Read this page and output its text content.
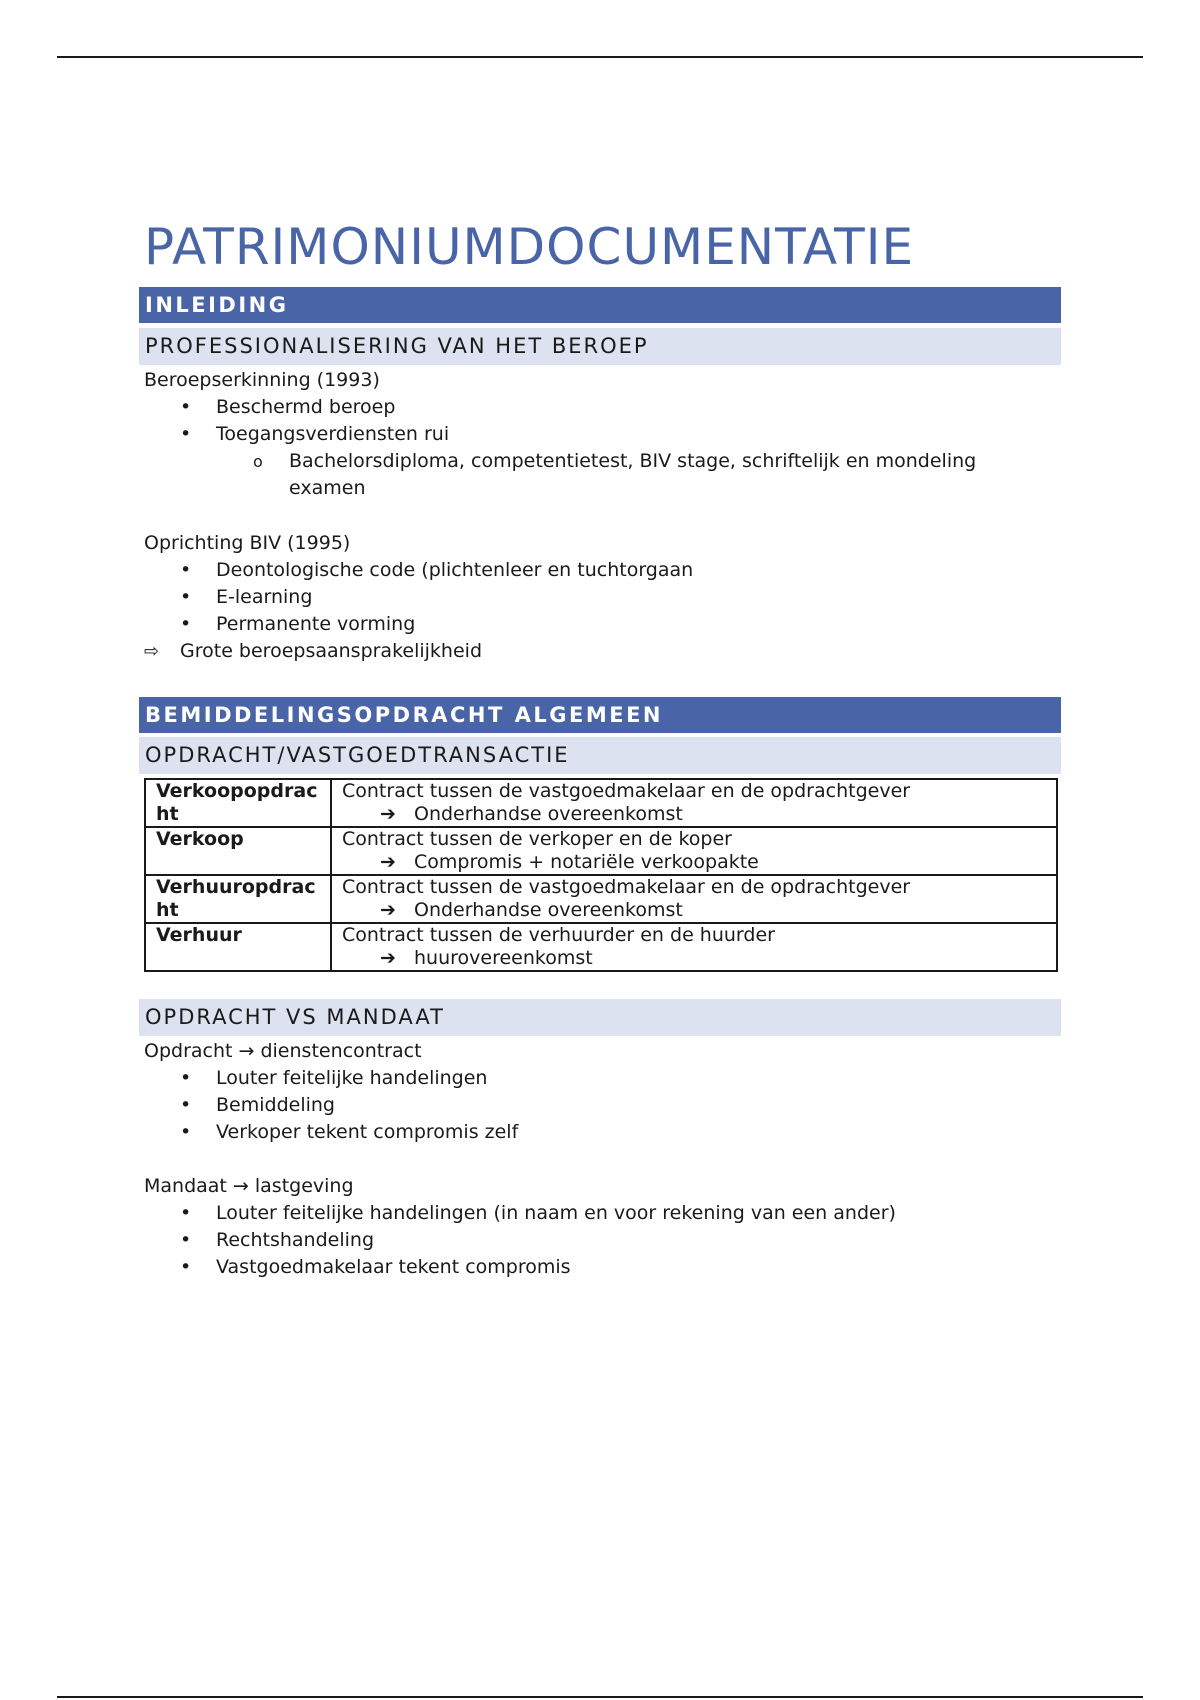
PATRIMONIUMDOCUMENTATIE
INLEIDING
PROFESSIONALISERING VAN HET BEROEP
Beroepserkinning (1993)
• Beschermd beroep
• Toegangsverdiensten rui
o Bachelorsdiploma, competentietest, BIV stage, schriftelijk en mondeling examen
Oprichting BIV (1995)
• Deontologische code (plichtenleer en tuchtorgaan
• E-learning
• Permanente vorming
⇨ Grote beroepsaansprakelijkheid
BEMIDDELINGSOPDRACHT ALGEMEEN
OPDRACHT/VASTGOEDTRANSACTIE
Verkoopopdracht	Contract tussen de vastgoedmakelaar en de opdrachtgever
➔ Onderhandse overeenkomst

Verkoop	Contract tussen de verkoper en de koper
➔ Compromis + notariële verkoopakte

Verhuuropdracht	Contract tussen de vastgoedmakelaar en de opdrachtgever
➔ Onderhandse overeenkomst

Verhuur	Contract tussen de verhuurder en de huurder
➔ huurovereenkomst
OPDRACHT VS MANDAAT
Opdracht → dienstencontract
• Louter feitelijke handelingen
• Bemiddeling
• Verkoper tekent compromis zelf
Mandaat → lastgeving
• Louter feitelijke handelingen (in naam en voor rekening van een ander)
• Rechtshandeling
• Vastgoedmakelaar tekent compromis
